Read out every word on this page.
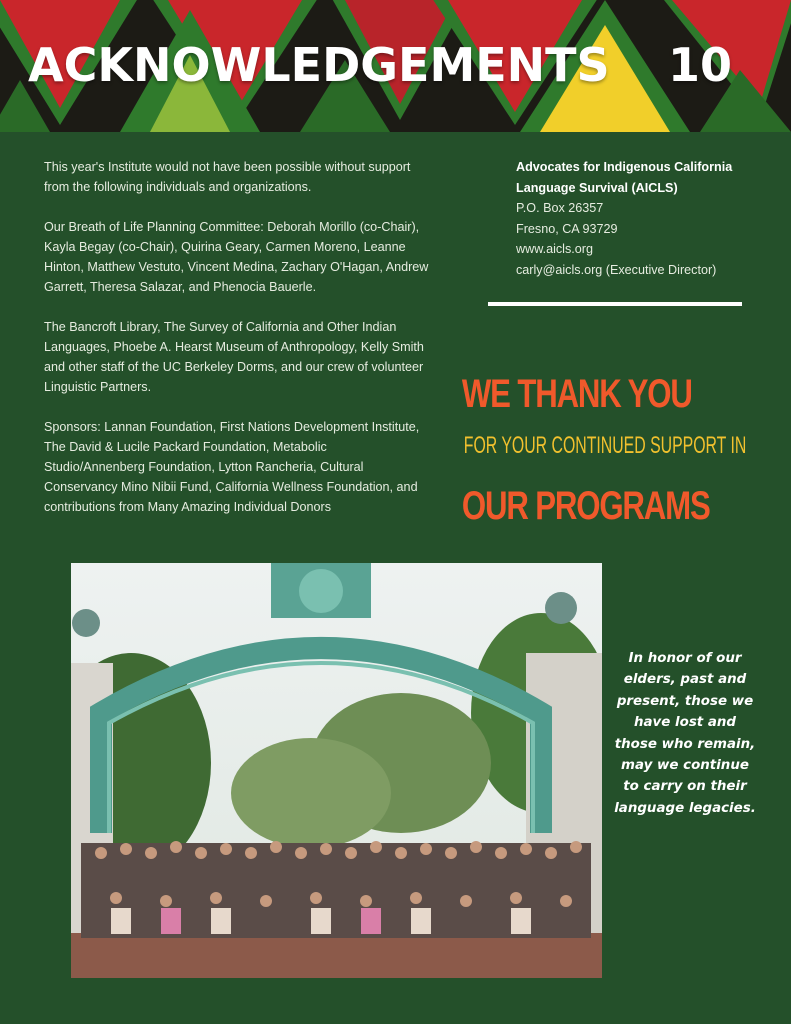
ACKNOWLEDGEMENTS 10

This year's Institute would not have been possible without support from the following individuals and organizations.

Our Breath of Life Planning Committee: Deborah Morillo (co-Chair), Kayla Begay (co-Chair), Quirina Geary, Carmen Moreno, Leanne Hinton, Matthew Vestuto, Vincent Medina, Zachary O'Hagan, Andrew Garrett, Theresa Salazar, and Phenocia Bauerle.

The Bancroft Library, The Survey of California and Other Indian Languages, Phoebe A. Hearst Museum of Anthropology, Kelly Smith and other staff of the UC Berkeley Dorms, and our crew of volunteer Linguistic Partners.

Sponsors: Lannan Foundation, First Nations Development Institute, The David & Lucile Packard Foundation, Metabolic Studio/Annenberg Foundation, Lytton Rancheria, Cultural Conservancy Mino Nibii Fund, California Wellness Foundation, and contributions from Many Amazing Individual Donors

Advocates for Indigenous California
Language Survival (AICLS)
P.O. Box 26357
Fresno, CA 93729
www.aicls.org
carly@aicls.org (Executive Director)
WE THANK YOU
FOR YOUR CONTINUED SUPPORT IN
OUR PROGRAMS
In honor of our elders, past and present, those we have lost and those who remain, may we continue to carry on their language legacies.
